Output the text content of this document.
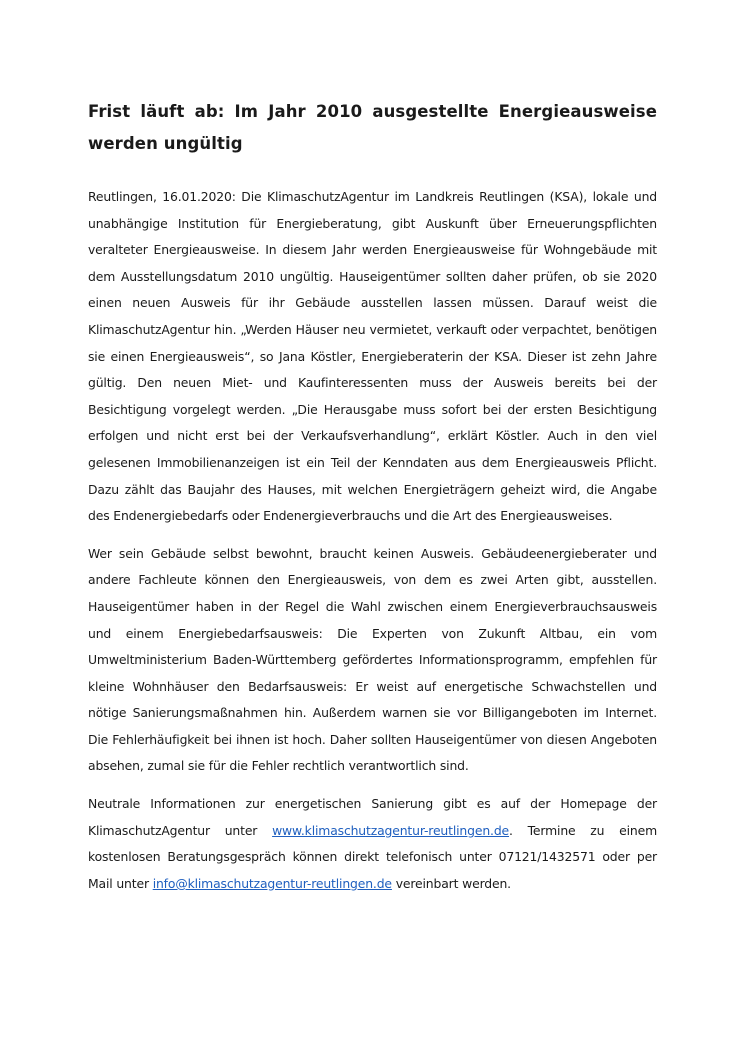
Frist läuft ab: Im Jahr 2010 ausgestellte Energieausweise werden ungültig

Reutlingen, 16.01.2020: Die KlimaschutzAgentur im Landkreis Reutlingen (KSA), lokale und unabhängige Institution für Energieberatung, gibt Auskunft über Erneuerungspflichten veralteter Energieausweise. In diesem Jahr werden Energieausweise für Wohngebäude mit dem Ausstellungsdatum 2010 ungültig. Hauseigentümer sollten daher prüfen, ob sie 2020 einen neuen Ausweis für ihr Gebäude ausstellen lassen müssen. Darauf weist die KlimaschutzAgentur hin. „Werden Häuser neu vermietet, verkauft oder verpachtet, benötigen sie einen Energieausweis“, so Jana Köstler, Energieberaterin der KSA. Dieser ist zehn Jahre gültig. Den neuen Miet- und Kaufinteressenten muss der Ausweis bereits bei der Besichtigung vorgelegt werden. „Die Herausgabe muss sofort bei der ersten Besichtigung erfolgen und nicht erst bei der Verkaufsverhandlung“, erklärt Köstler. Auch in den viel gelesenen Immobilienanzeigen ist ein Teil der Kenndaten aus dem Energieausweis Pflicht. Dazu zählt das Baujahr des Hauses, mit welchen Energieträgern geheizt wird, die Angabe des Endenergiebedarfs oder Endenergieverbrauchs und die Art des Energieausweises.

Wer sein Gebäude selbst bewohnt, braucht keinen Ausweis. Gebäudeenergieberater und andere Fachleute können den Energieausweis, von dem es zwei Arten gibt, ausstellen. Hauseigentümer haben in der Regel die Wahl zwischen einem Energieverbrauchsausweis und einem Energiebedarfsausweis: Die Experten von Zukunft Altbau, ein vom Umweltministerium Baden-Württemberg gefördertes Informationsprogramm, empfehlen für kleine Wohnhäuser den Bedarfsausweis: Er weist auf energetische Schwachstellen und nötige Sanierungsmaßnahmen hin. Außerdem warnen sie vor Billigangeboten im Internet. Die Fehlerhäufigkeit bei ihnen ist hoch. Daher sollten Hauseigentümer von diesen Angeboten absehen, zumal sie für die Fehler rechtlich verantwortlich sind.

Neutrale Informationen zur energetischen Sanierung gibt es auf der Homepage der KlimaschutzAgentur unter www.klimaschutzagentur-reutlingen.de. Termine zu einem kostenlosen Beratungsgespräch können direkt telefonisch unter 07121/1432571 oder per Mail unter info@klimaschutzagentur-reutlingen.de vereinbart werden.
